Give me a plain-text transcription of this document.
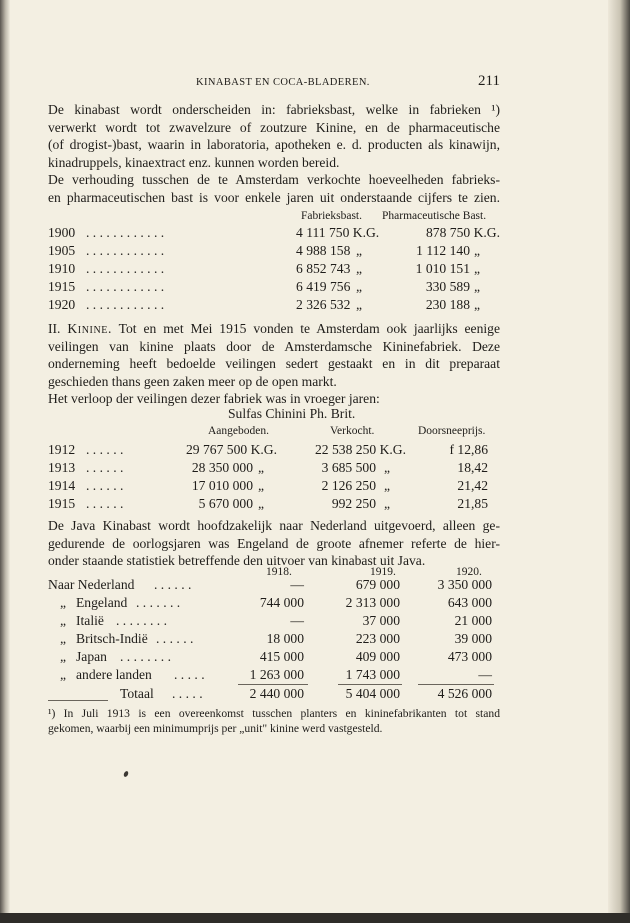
KINABAST EN COCA-BLADEREN.	211
De kinabast wordt onderscheiden in: fabrieksbast, welke in fabrieken ¹)
verwerkt wordt tot zwavelzure of zoutzure Kinine, en de pharmaceutische
(of drogist-)bast, waarin in laboratoria, apotheken e. d. producten als kinawijn,
kinadruppels, kinaextract enz. kunnen worden bereid.
De verhouding tusschen de te Amsterdam verkochte hoeveelheden fabrieks-
en pharmaceutischen bast is voor enkele jaren uit onderstaande cijfers te zien.
Fabrieksbast. Pharmaceutische Bast.
1900 . . . . . . . . . . . .	4 111 750 K.G.	878 750 K.G.
1905 . . . . . . . . . . . .	4 988 158 „	1 112 140 „
1910 . . . . . . . . . . . .	6 852 743 „	1 010 151 „
1915 . . . . . . . . . . . .	6 419 756 „	330 589 „
1920 . . . . . . . . . . . .	2 326 532 „	230 188 „
II. Kinine. Tot en met Mei 1915 vonden te Amsterdam ook jaarlijks eenige
veilingen van kinine plaats door de Amsterdamsche Kininefabriek. Deze
onderneming heeft bedoelde veilingen sedert gestaakt en in dit preparaat
geschieden thans geen zaken meer op de open markt.
Het verloop der veilingen dezer fabriek was in vroeger jaren:
Sulfas Chinini Ph. Brit.
Aangeboden.	Verkocht.	Doorsneeprijs.
1912 . . . . . .	29 767 500 K.G.	22 538 250 K.G.	f 12,86
1913 . . . . . .	28 350 000 „	3 685 500 „	18,42
1914 . . . . . .	17 010 000 „	2 126 250 „	21,42
1915 . . . . . .	5 670 000 „	992 250 „	21,85
De Java Kinabast wordt hoofdzakelijk naar Nederland uitgevoerd, alleen ge-
gedurende de oorlogsjaren was Engeland de groote afnemer referte de hier-
onder staande statistiek betreffende den uitvoer van kinabast uit Java.
1918.	1919.	1920.
Naar Nederland . . . . . .	—	679 000	3 350 000
„ Engeland . . . . . . .	744 000	2 313 000	643 000
„ Italië . . . . . . . .	—	37 000	21 000
„ Britsch-Indië . . . . . .	18 000	223 000	39 000
„ Japan . . . . . . . .	415 000	409 000	473 000
„ andere landen . . . . .	1 263 000	1 743 000	—
Totaal . . . . .	2 440 000	5 404 000	4 526 000
¹) In Juli 1913 is een overeenkomst tusschen planters en kininefabrikanten tot stand
gekomen, waarbij een minimumprijs per „unit" kinine werd vastgesteld.
